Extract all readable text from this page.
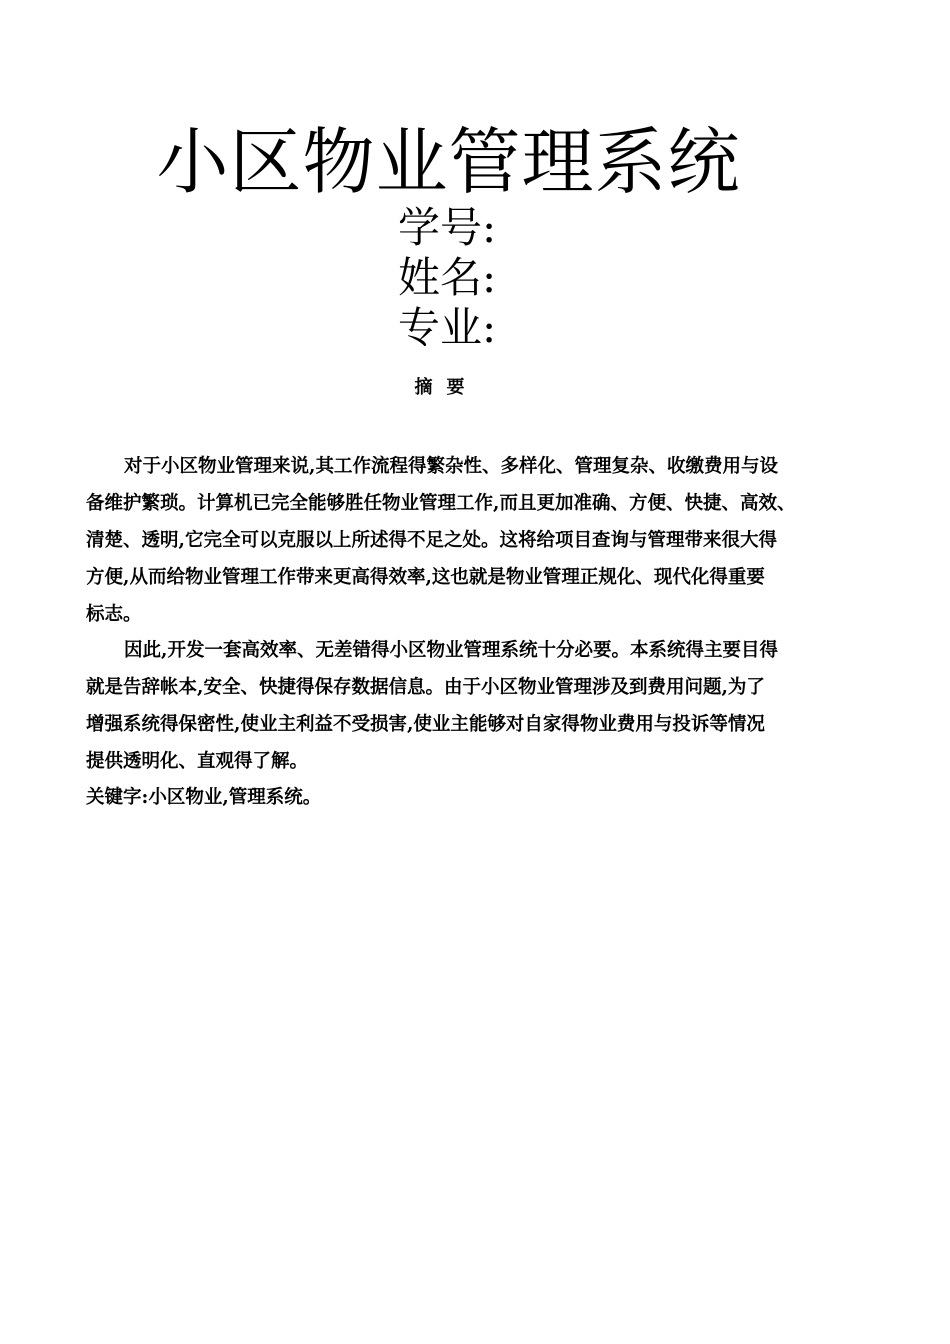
小区物业管理系统
学号:
姓名:
专业:
摘要
对于小区物业管理来说,其工作流程得繁杂性、多样化、管理复杂、收缴费用与设
备维护繁琐。计算机已完全能够胜任物业管理工作,而且更加准确、方便、快捷、高效、
清楚、透明,它完全可以克服以上所述得不足之处。这将给项目查询与管理带来很大得
方便,从而给物业管理工作带来更高得效率,这也就是物业管理正规化、现代化得重要
标志。
因此,开发一套高效率、无差错得小区物业管理系统十分必要。本系统得主要目得
就是告辞帐本,安全、快捷得保存数据信息。由于小区物业管理涉及到费用问题,为了
增强系统得保密性,使业主利益不受损害,使业主能够对自家得物业费用与投诉等情况
提供透明化、直观得了解。
关键字:小区物业,管理系统。
